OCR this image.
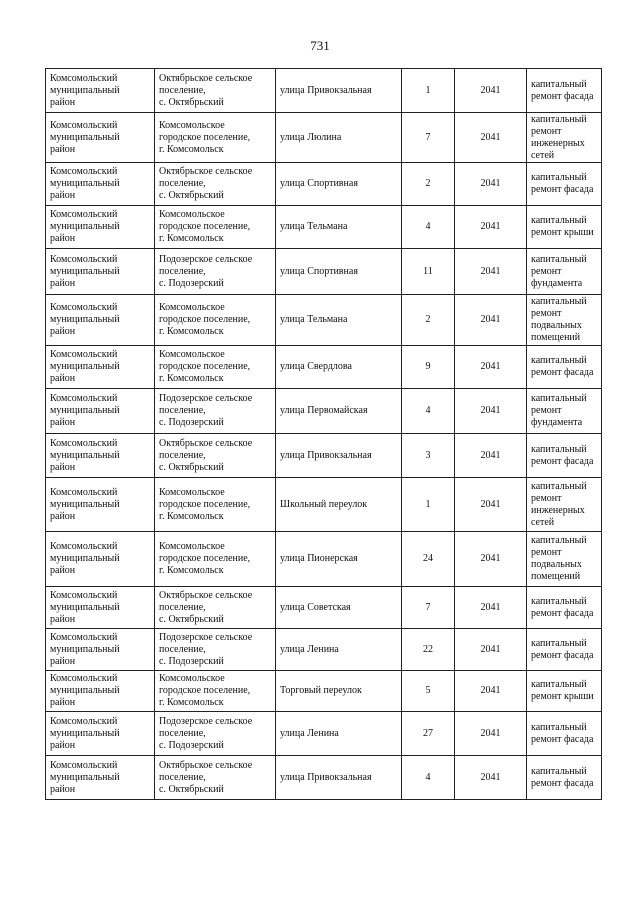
731
Комсомольский
муниципальный
район	Октябрьское сельское
поселение,
с. Октябрьский	улица Привокзальная	1	2041	капитальный
ремонт фасада

Комсомольский
муниципальный
район	Комсомольское
городское поселение,
г. Комсомольск	улица Люлина	7	2041	капитальный
ремонт
инженерных
сетей

Комсомольский
муниципальный
район	Октябрьское сельское
поселение,
с. Октябрьский	улица Спортивная	2	2041	капитальный
ремонт фасада

Комсомольский
муниципальный
район	Комсомольское
городское поселение,
г. Комсомольск	улица Тельмана	4	2041	капитальный
ремонт крыши

Комсомольский
муниципальный
район	Подозерское сельское
поселение,
с. Подозерский	улица Спортивная	11	2041	капитальный
ремонт
фундамента

Комсомольский
муниципальный
район	Комсомольское
городское поселение,
г. Комсомольск	улица Тельмана	2	2041	капитальный
ремонт
подвальных
помещений

Комсомольский
муниципальный
район	Комсомольское
городское поселение,
г. Комсомольск	улица Свердлова	9	2041	капитальный
ремонт фасада

Комсомольский
муниципальный
район	Подозерское сельское
поселение,
с. Подозерский	улица Первомайская	4	2041	капитальный
ремонт
фундамента

Комсомольский
муниципальный
район	Октябрьское сельское
поселение,
с. Октябрьский	улица Привокзальная	3	2041	капитальный
ремонт фасада

Комсомольский
муниципальный
район	Комсомольское
городское поселение,
г. Комсомольск	Школьный переулок	1	2041	капитальный
ремонт
инженерных
сетей

Комсомольский
муниципальный
район	Комсомольское
городское поселение,
г. Комсомольск	улица Пионерская	24	2041	капитальный
ремонт
подвальных
помещений

Комсомольский
муниципальный
район	Октябрьское сельское
поселение,
с. Октябрьский	улица Советская	7	2041	капитальный
ремонт фасада

Комсомольский
муниципальный
район	Подозерское сельское
поселение,
с. Подозерский	улица Ленина	22	2041	капитальный
ремонт фасада

Комсомольский
муниципальный
район	Комсомольское
городское поселение,
г. Комсомольск	Торговый переулок	5	2041	капитальный
ремонт крыши

Комсомольский
муниципальный
район	Подозерское сельское
поселение,
с. Подозерский	улица Ленина	27	2041	капитальный
ремонт фасада

Комсомольский
муниципальный
район	Октябрьское сельское
поселение,
с. Октябрьский	улица Привокзальная	4	2041	капитальный
ремонт фасада
